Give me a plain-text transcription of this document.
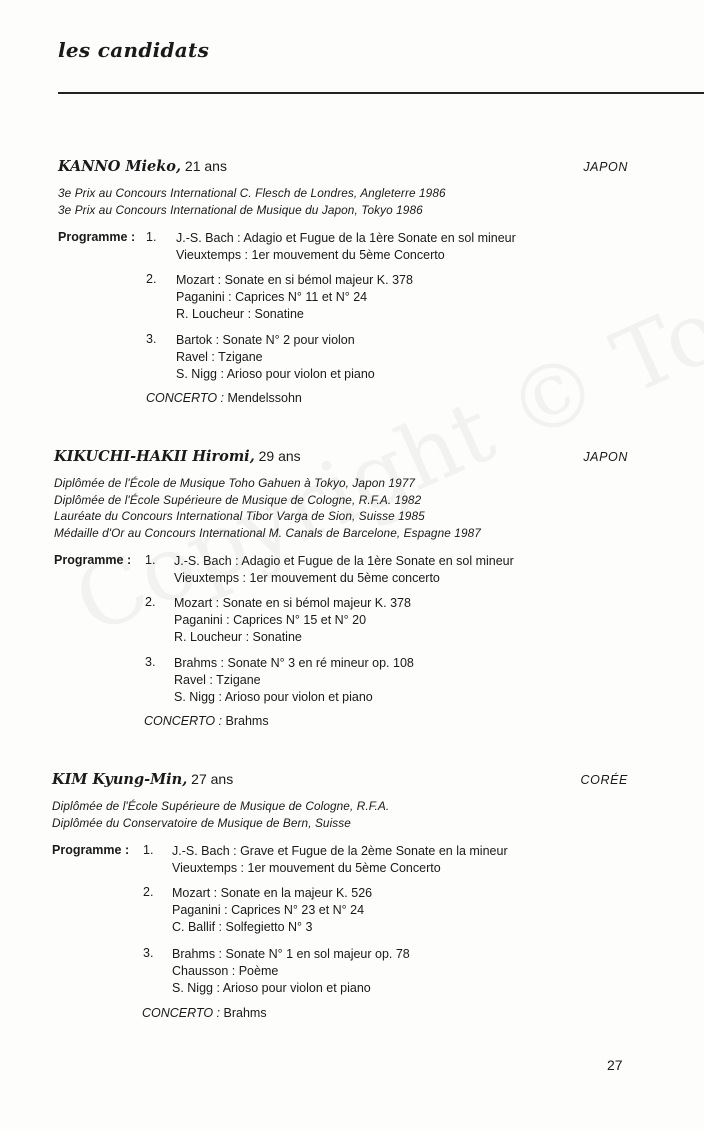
les candidats
KANNO Mieko, 21 ans	JAPON
3e Prix au Concours International C. Flesch de Londres, Angleterre 1986
3e Prix au Concours International de Musique du Japon, Tokyo 1986
Programme : 1. J.-S. Bach : Adagio et Fugue de la 1ère Sonate en sol mineur
Vieuxtemps : 1er mouvement du 5ème Concerto
2. Mozart : Sonate en si bémol majeur K. 378
Paganini : Caprices N° 11 et N° 24
R. Loucheur : Sonatine
3. Bartok : Sonate N° 2 pour violon
Ravel : Tzigane
S. Nigg : Arioso pour violon et piano
CONCERTO : Mendelssohn
KIKUCHI-HAKII Hiromi, 29 ans	JAPON
Diplômée de l'École de Musique Toho Gahuen à Tokyo, Japon 1977
Diplômée de l'École Supérieure de Musique de Cologne, R.F.A. 1982
Lauréate du Concours International Tibor Varga de Sion, Suisse 1985
Médaille d'Or au Concours International M. Canals de Barcelone, Espagne 1987
Programme : 1. J.-S. Bach : Adagio et Fugue de la 1ère Sonate en sol mineur
Vieuxtemps : 1er mouvement du 5ème concerto
2. Mozart : Sonate en si bémol majeur K. 378
Paganini : Caprices N° 15 et N° 20
R. Loucheur : Sonatine
3. Brahms : Sonate N° 3 en ré mineur op. 108
Ravel : Tzigane
S. Nigg : Arioso pour violon et piano
CONCERTO : Brahms
KIM Kyung-Min, 27 ans	CORÉE
Diplômée de l'École Supérieure de Musique de Cologne, R.F.A.
Diplômée du Conservatoire de Musique de Bern, Suisse
Programme : 1. J.-S. Bach : Grave et Fugue de la 2ème Sonate en la mineur
Vieuxtemps : 1er mouvement du 5ème Concerto
2. Mozart : Sonate en la majeur K. 526
Paganini : Caprices N° 23 et N° 24
C. Ballif : Solfegietto N° 3
3. Brahms : Sonate N° 1 en sol majeur op. 78
Chausson : Poème
S. Nigg : Arioso pour violon et piano
CONCERTO : Brahms
27
